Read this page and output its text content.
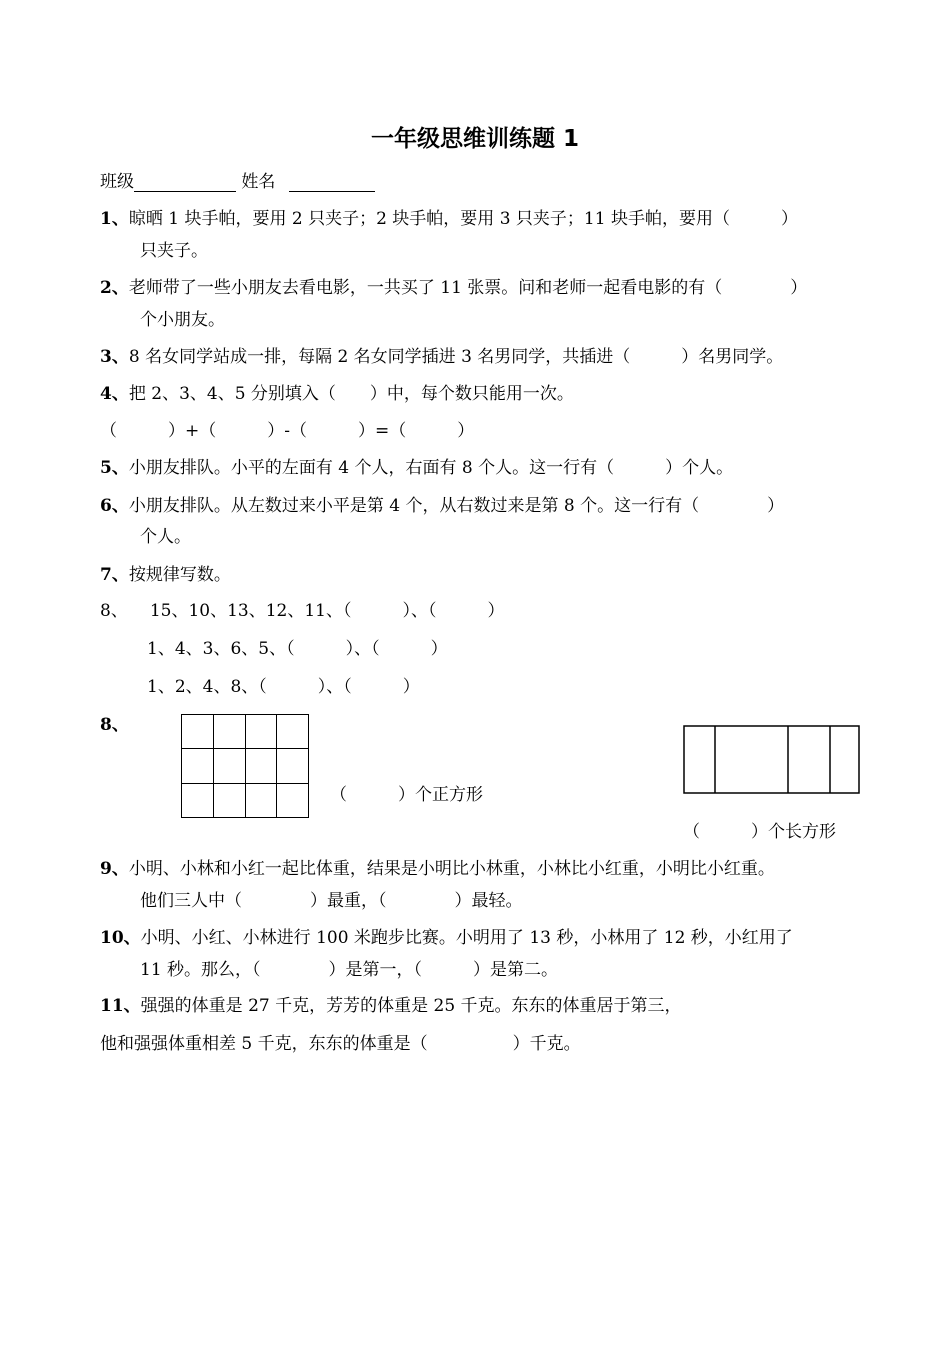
一年级思维训练题 1
班级	姓名
1、晾晒 1 块手帕，要用 2 只夹子；2 块手帕，要用 3 只夹子；11 块手帕，要用（　　　）
只夹子。
2、老师带了一些小朋友去看电影，一共买了 11 张票。问和老师一起看电影的有（　　　　）
个小朋友。
3、8 名女同学站成一排，每隔 2 名女同学插进 3 名男同学，共插进（　　　）名男同学。
4、把 2、3、4、5 分别填入（　　）中，每个数只能用一次。
（　　　）+（　　　）-（　　　）=（　　　）
5、小朋友排队。小平的左面有 4 个人，右面有 8 个人。这一行有（　　　）个人。
6、小朋友排队。从左数过来小平是第 4 个，从右数过来是第 8 个。这一行有（　　　　）
个人。
7、按规律写数。
8、 15、10、13、12、11、（　　　）、（　　　）
1、4、3、6、5、（　　　）、（　　　）
1、2、4、8、（　　　）、（　　　）
8、

（　　　）个正方形
（　　　）个长方形
9、小明、小林和小红一起比体重，结果是小明比小林重，小林比小红重，小明比小红重。
他们三人中（　　　　）最重，（　　　　）最轻。
10、小明、小红、小林进行 100 米跑步比赛。小明用了 13 秒，小林用了 12 秒，小红用了
11 秒。那么，（　　　　）是第一，（　　　）是第二。
11、强强的体重是 27 千克，芳芳的体重是 25 千克。东东的体重居于第三，
他和强强体重相差 5 千克，东东的体重是（　　　　　）千克。
